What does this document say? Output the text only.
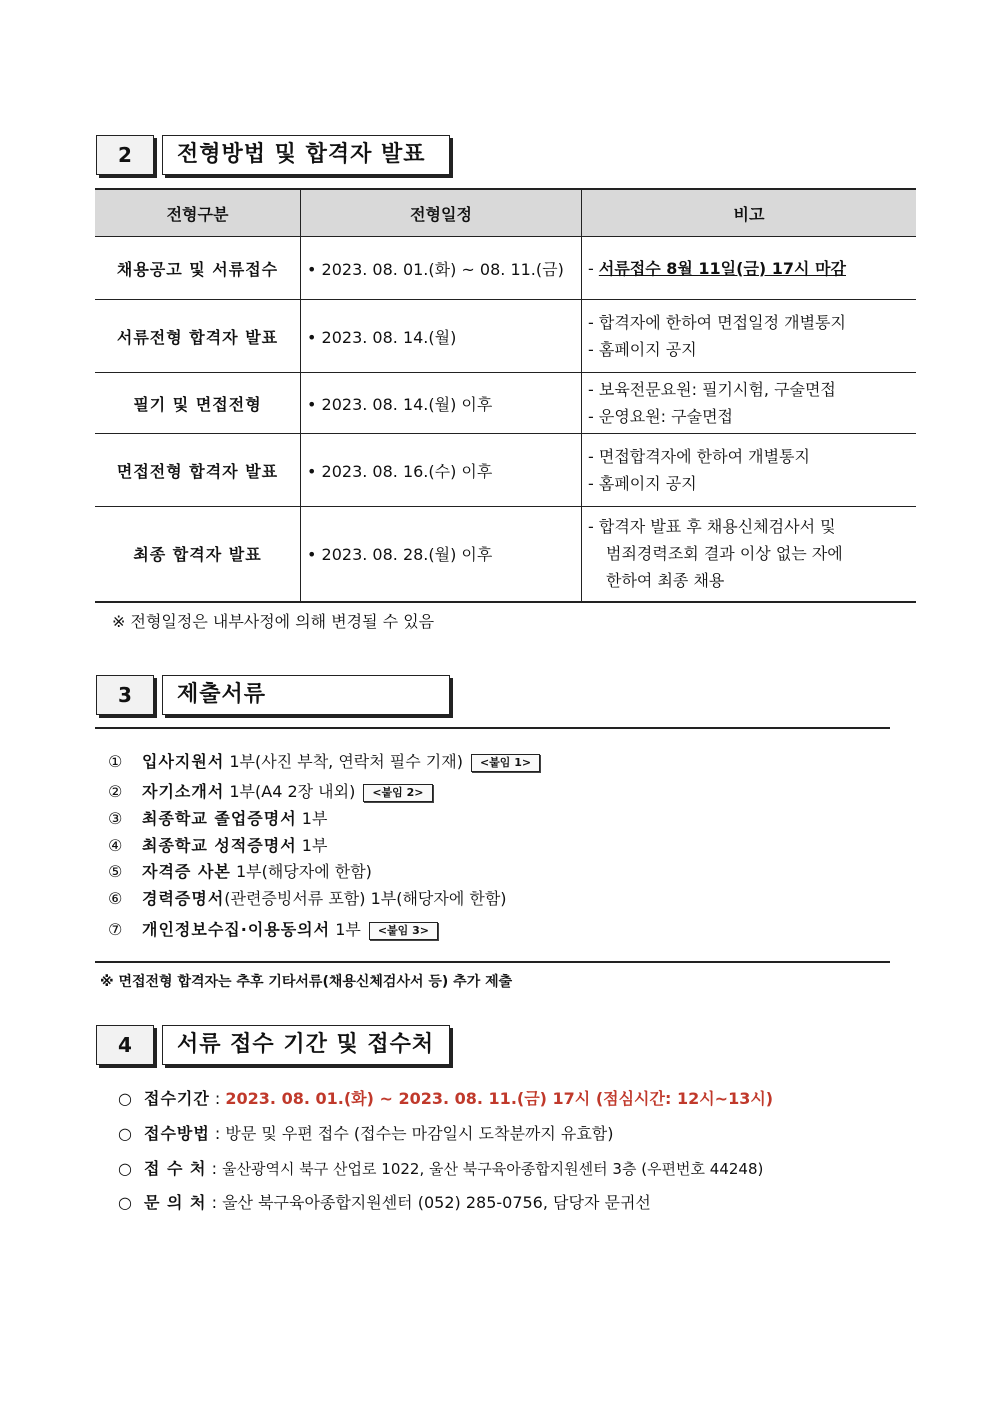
2	전형방법 및 합격자 발표
전형구분	전형일정	비고
채용공고 및 서류접수	• 2023. 08. 01.(화) ~ 08. 11.(금)	- 서류접수 8월 11일(금) 17시 마감
서류전형 합격자 발표	• 2023. 08. 14.(월)	- 합격자에 한하여 면접일정 개별통지
- 홈페이지 공지

필기 및 면접전형	• 2023. 08. 14.(월) 이후	- 보육전문요원: 필기시험, 구술면접
- 운영요원: 구술면접

면접전형 합격자 발표	• 2023. 08. 16.(수) 이후	- 면접합격자에 한하여 개별통지
- 홈페이지 공지

최종 합격자 발표	• 2023. 08. 28.(월) 이후	- 합격자 발표 후 채용신체검사서 및
범죄경력조회 결과 이상 없는 자에
한하여 최종 채용
※ 전형일정은 내부사정에 의해 변경될 수 있음
3	제출서류
① 입사지원서 1부(사진 부착, 연락처 필수 기재) <붙임 1>
② 자기소개서 1부(A4 2장 내외) <붙임 2>
③ 최종학교 졸업증명서 1부
④ 최종학교 성적증명서 1부
⑤ 자격증 사본 1부(해당자에 한함)
⑥ 경력증명서(관련증빙서류 포함) 1부(해당자에 한함)
⑦ 개인정보수집·이용동의서 1부 <붙임 3>
※ 면접전형 합격자는 추후 기타서류(채용신체검사서 등) 추가 제출
4	서류 접수 기간 및 접수처
○ 접수기간 : 2023. 08. 01.(화) ~ 2023. 08. 11.(금) 17시 (점심시간: 12시~13시)
○ 접수방법 : 방문 및 우편 접수 (접수는 마감일시 도착분까지 유효함)
○ 접 수 처 : 울산광역시 북구 산업로 1022, 울산 북구육아종합지원센터 3층 (우편번호 44248)
○ 문 의 처 : 울산 북구육아종합지원센터 (052) 285-0756, 담당자 문귀선
